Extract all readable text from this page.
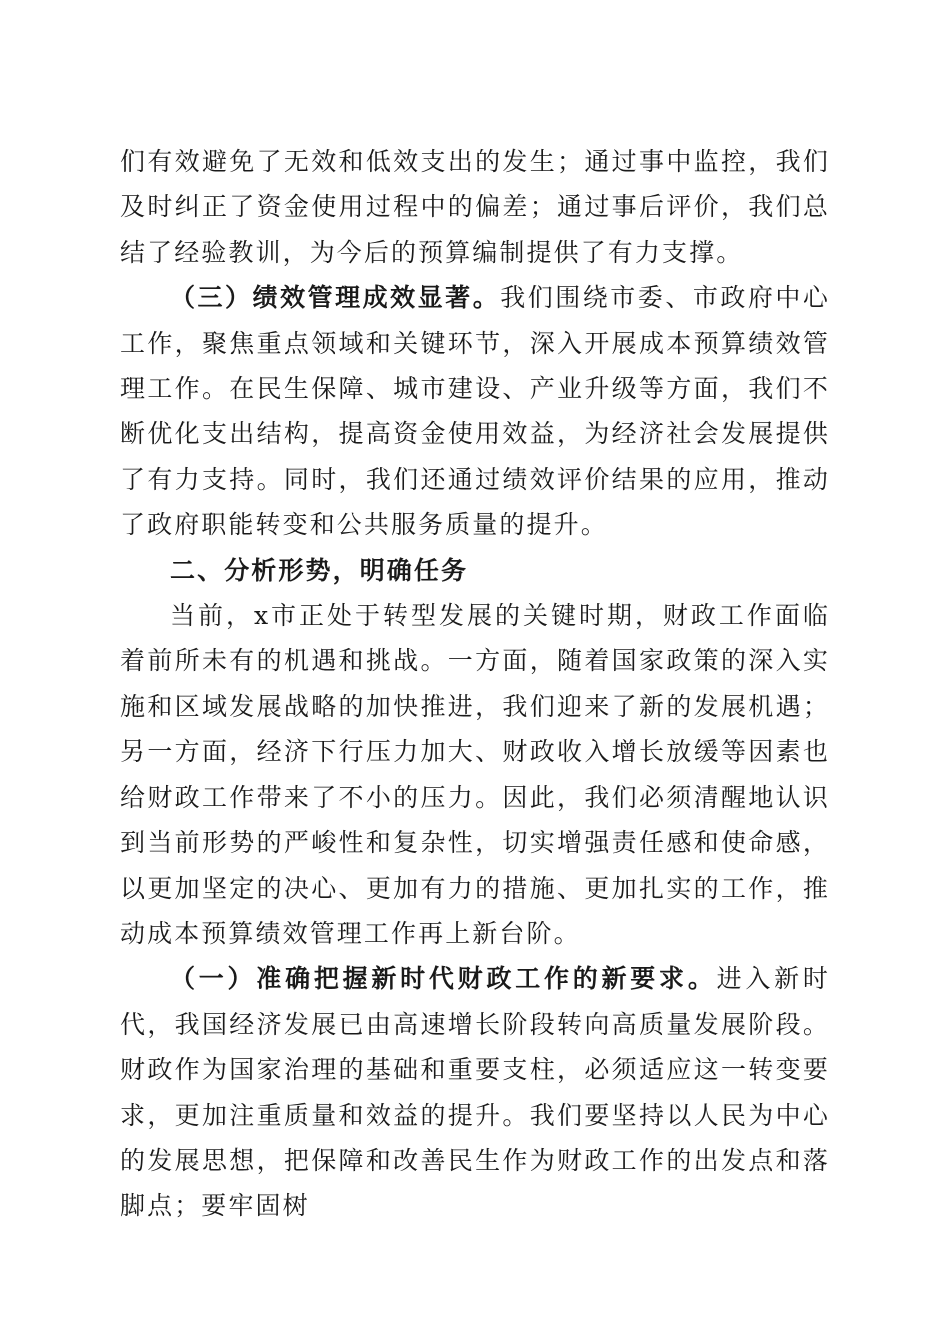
们有效避免了无效和低效支出的发生；通过事中监控，我们及时纠正了资金使用过程中的偏差；通过事后评价，我们总结了经验教训，为今后的预算编制提供了有力支撑。

（三）绩效管理成效显著。我们围绕市委、市政府中心工作，聚焦重点领域和关键环节，深入开展成本预算绩效管理工作。在民生保障、城市建设、产业升级等方面，我们不断优化支出结构，提高资金使用效益，为经济社会发展提供了有力支持。同时，我们还通过绩效评价结果的应用，推动了政府职能转变和公共服务质量的提升。

二、分析形势，明确任务

当前，x市正处于转型发展的关键时期，财政工作面临着前所未有的机遇和挑战。一方面，随着国家政策的深入实施和区域发展战略的加快推进，我们迎来了新的发展机遇；另一方面，经济下行压力加大、财政收入增长放缓等因素也给财政工作带来了不小的压力。因此，我们必须清醒地认识到当前形势的严峻性和复杂性，切实增强责任感和使命感，以更加坚定的决心、更加有力的措施、更加扎实的工作，推动成本预算绩效管理工作再上新台阶。

（一）准确把握新时代财政工作的新要求。进入新时代，我国经济发展已由高速增长阶段转向高质量发展阶段。财政作为国家治理的基础和重要支柱，必须适应这一转变要求，更加注重质量和效益的提升。我们要坚持以人民为中心的发展思想，把保障和改善民生作为财政工作的出发点和落脚点；要牢固树
